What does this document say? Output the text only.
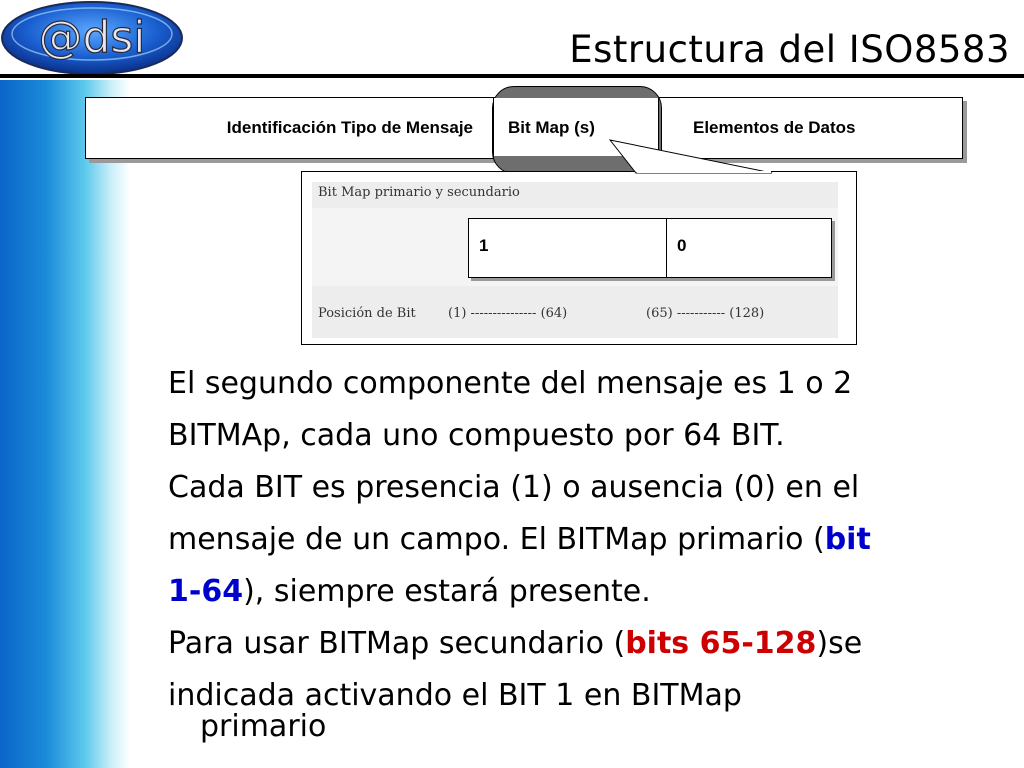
@dsi	Estructura del ISO8583
Identificación Tipo de Mensaje	Elementos de Datos
Bit Map (s)
Bit Map primario y secundario
Posición de Bit (1) --------------- (64)	(65) ----------- (128)
1	0

El segundo componente del mensaje es 1 o 2

BITMAp, cada uno compuesto por 64 BIT.

Cada BIT es presencia (1) o ausencia (0) en el

mensaje de un campo. El BITMap primario (bit

1-64), siempre estará presente.

Para usar BITMap secundario (bits 65-128)se

indicada activando el BIT 1 en BITMap

primario
